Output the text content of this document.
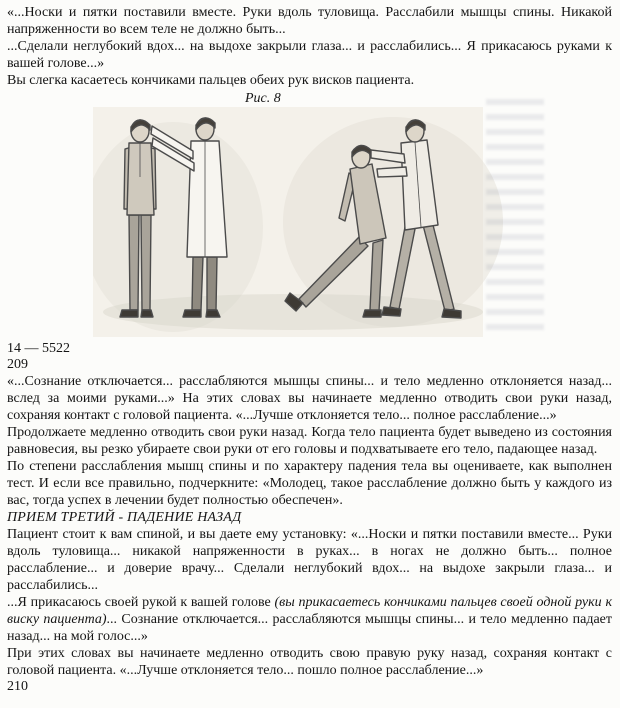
«...Носки и пятки поставили вместе. Руки вдоль туловища. Расслабили мышцы спины. Никакой напряженности во всем теле не должно быть...

...Сделали неглубокий вдох... на выдохе закрыли глаза... и расслабились... Я прикасаюсь руками к вашей голове...»

Вы слегка касаетесь кончиками пальцев обеих рук висков пациента.

Рис. 8
14 — 5522
209

«...Сознание отключается... расслабляются мышцы спины... и тело медленно отклоняется назад... вслед за моими руками...» На этих словах вы начинаете медленно отводить свои руки назад, сохраняя контакт с головой пациента. «...Лучше отклоняется тело... полное расслабление...»

Продолжаете медленно отводить свои руки назад. Когда тело пациента будет выведено из состояния равновесия, вы резко убираете свои руки от его головы и подхватываете его тело, падающее назад.

По степени расслабления мышц спины и по характеру падения тела вы оцениваете, как выполнен тест. И если все правильно, подчеркните: «Молодец, такое расслабление должно быть у каждого из вас, тогда успех в лечении будет полностью обеспечен».

ПРИЕМ ТРЕТИЙ - ПАДЕНИЕ НАЗАД

Пациент стоит к вам спиной, и вы даете ему установку: «...Носки и пятки поставили вместе... Руки вдоль туловища... никакой напряженности в руках... в ногах не должно быть... полное расслабление... и доверие врачу... Сделали неглубокий вдох... на выдохе закрыли глаза... и расслабились...

...Я прикасаюсь своей рукой к вашей голове (вы прикасаетесь кончиками пальцев своей одной руки к виску пациента)... Сознание отключается... расслабляются мышцы спины... и тело медленно падает назад... на мой голос...»

При этих словах вы начинаете медленно отводить свою правую руку назад, сохраняя контакт с головой пациента. «...Лучше отклоняется тело... пошло полное расслабление...»

210
